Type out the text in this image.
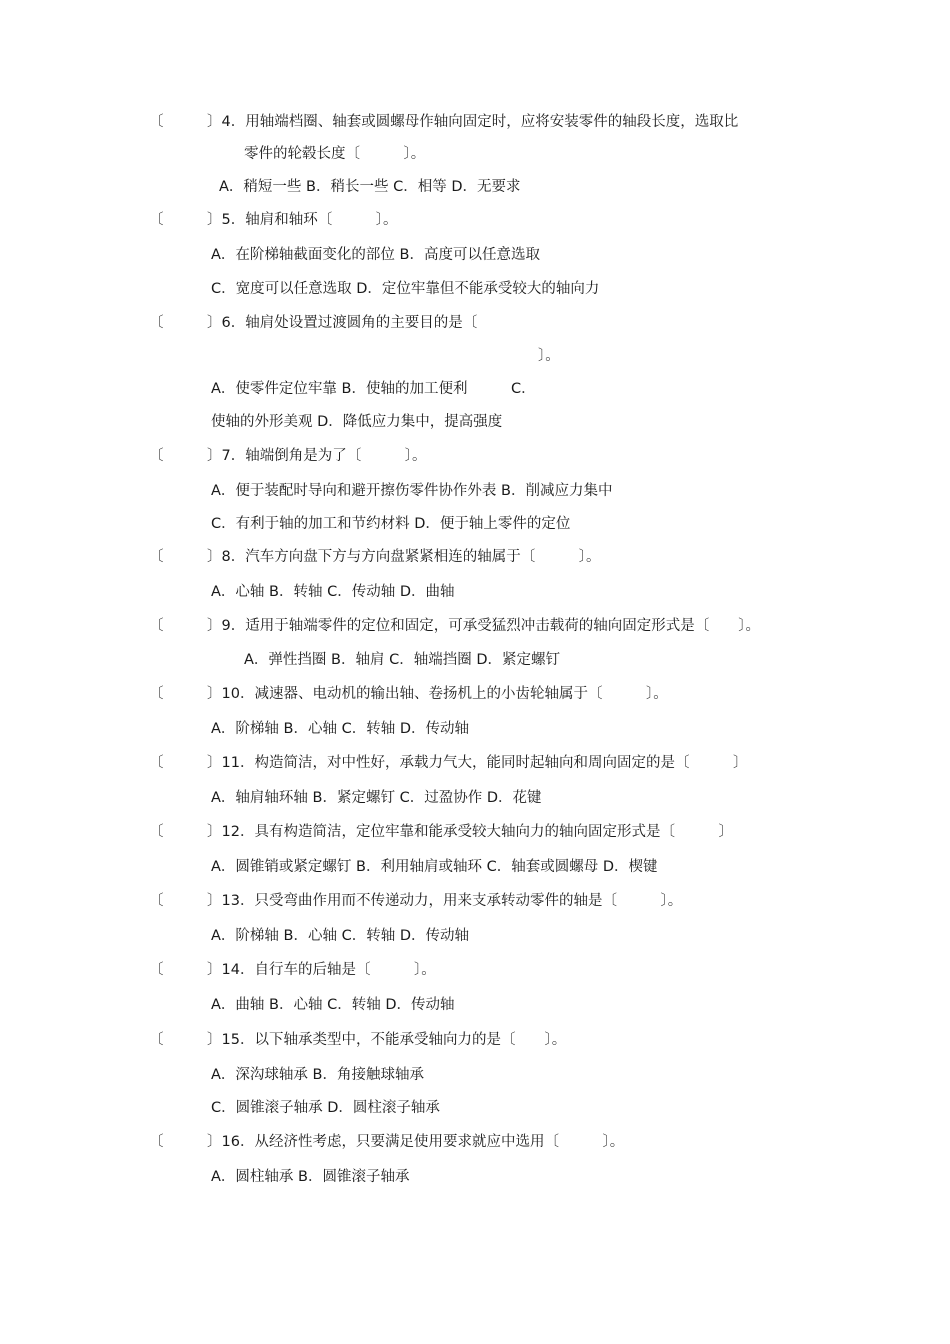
〔　　　〕4．用轴端档圈、轴套或圆螺母作轴向固定时，应将安装零件的轴段长度，选取比
零件的轮毂长度〔　　　〕。
A．稍短一些 B．稍长一些 C．相等 D．无要求
〔　　　〕5．轴肩和轴环〔　　　〕。
A．在阶梯轴截面变化的部位 B．高度可以任意选取
C．宽度可以任意选取 D．定位牢靠但不能承受较大的轴向力
〔　　　〕6．轴肩处设置过渡圆角的主要目的是〔
〕。
A．使零件定位牢靠 B．使轴的加工便利　　　C．
使轴的外形美观 D．降低应力集中，提高强度
〔　　　〕7．轴端倒角是为了〔　　　〕。
A．便于装配时导向和避开擦伤零件协作外表 B．削减应力集中
C．有利于轴的加工和节约材料 D．便于轴上零件的定位
〔　　　〕8．汽车方向盘下方与方向盘紧紧相连的轴属于〔　　　〕。
A．心轴 B．转轴 C．传动轴 D．曲轴
〔　　　〕9．适用于轴端零件的定位和固定，可承受猛烈冲击载荷的轴向固定形式是〔　　〕。
A．弹性挡圈 B．轴肩 C．轴端挡圈 D．紧定螺钉
〔　　　〕10．减速器、电动机的输出轴、卷扬机上的小齿轮轴属于〔　　　〕。
A．阶梯轴 B．心轴 C．转轴 D．传动轴
〔　　　〕11．构造简洁，对中性好，承载力气大，能同时起轴向和周向固定的是〔　　　〕
A．轴肩轴环轴 B．紧定螺钉 C．过盈协作 D．花键
〔　　　〕12．具有构造简洁，定位牢靠和能承受较大轴向力的轴向固定形式是〔　　　〕
A．圆锥销或紧定螺钉 B．利用轴肩或轴环 C．轴套或圆螺母 D．楔键
〔　　　〕13．只受弯曲作用而不传递动力，用来支承转动零件的轴是〔　　　〕。
A．阶梯轴 B．心轴 C．转轴 D．传动轴
〔　　　〕14．自行车的后轴是〔　　　〕。
A．曲轴 B．心轴 C．转轴 D．传动轴
〔　　　〕15．以下轴承类型中，不能承受轴向力的是〔　　〕。
A．深沟球轴承 B．角接触球轴承
C．圆锥滚子轴承 D．圆柱滚子轴承
〔　　　〕16．从经济性考虑，只要满足使用要求就应中选用〔　　　〕。
A．圆柱轴承 B．圆锥滚子轴承
